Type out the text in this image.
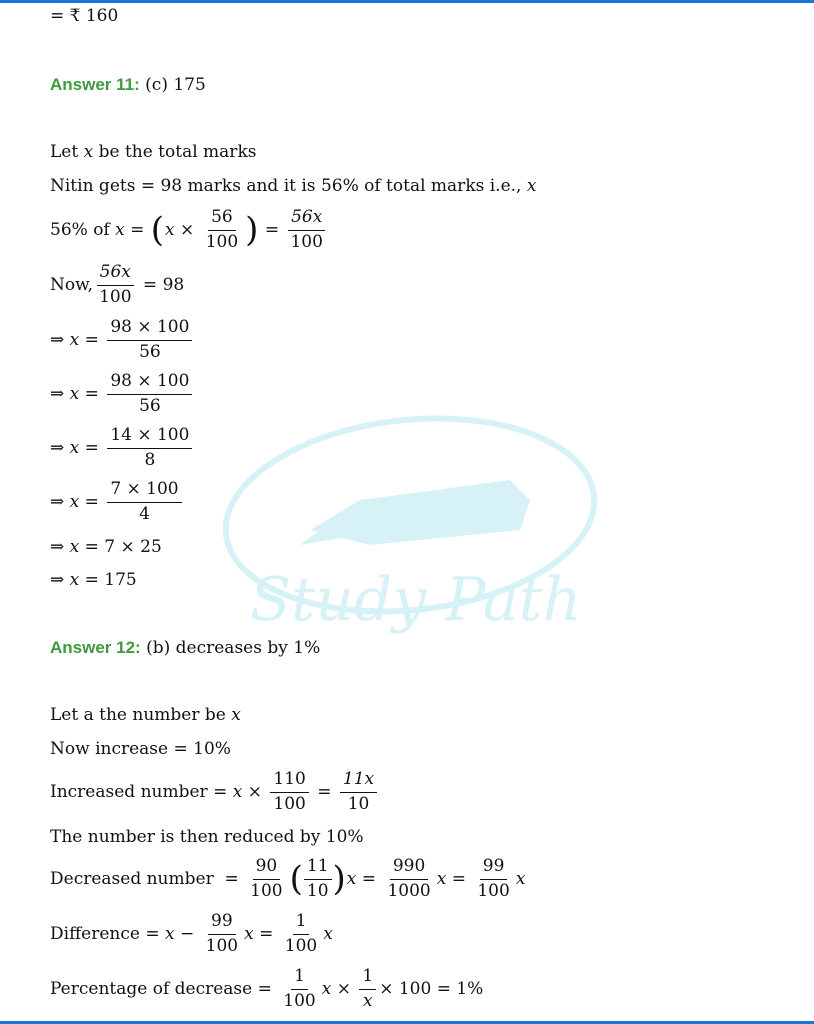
Study Path
= ₹ 160
Answer 11:
(c) 175
Let x be the total marks
Nitin gets = 98 marks and it is 56% of total marks i.e., x
56% of x = ( $x \times \frac{56}{100}$ ) = $\frac{56x}{100}$
Now, $\frac{56x}{100} = 98$
⇒ $x = \frac{98 \times 100}{56}$
⇒ $x = \frac{98 \times 100}{56}$
⇒ $x = \frac{14 \times 100}{8}$
⇒ $x = \frac{7 \times 100}{4}$
⇒ x = 7 × 25
⇒ x = 175
Answer 12:
(b) decreases by 1%
Let a the number be x
Now increase = 10%
Increased number = $x \times \frac{110}{100} = \frac{11x}{10}$
The number is then reduced by 10%
Decreased number  = $\frac{90}{100}$ ( $\frac{11}{10}$ ) $x = \frac{990}{1000}$ $x = \frac{99}{100}$ x
Difference = $x - \frac{99}{100}$ $x = \frac{1}{100}$ x
Percentage of decrease = $\frac{1}{100}$ $x \times \frac{1}{x} \times 100 = 1\%$
